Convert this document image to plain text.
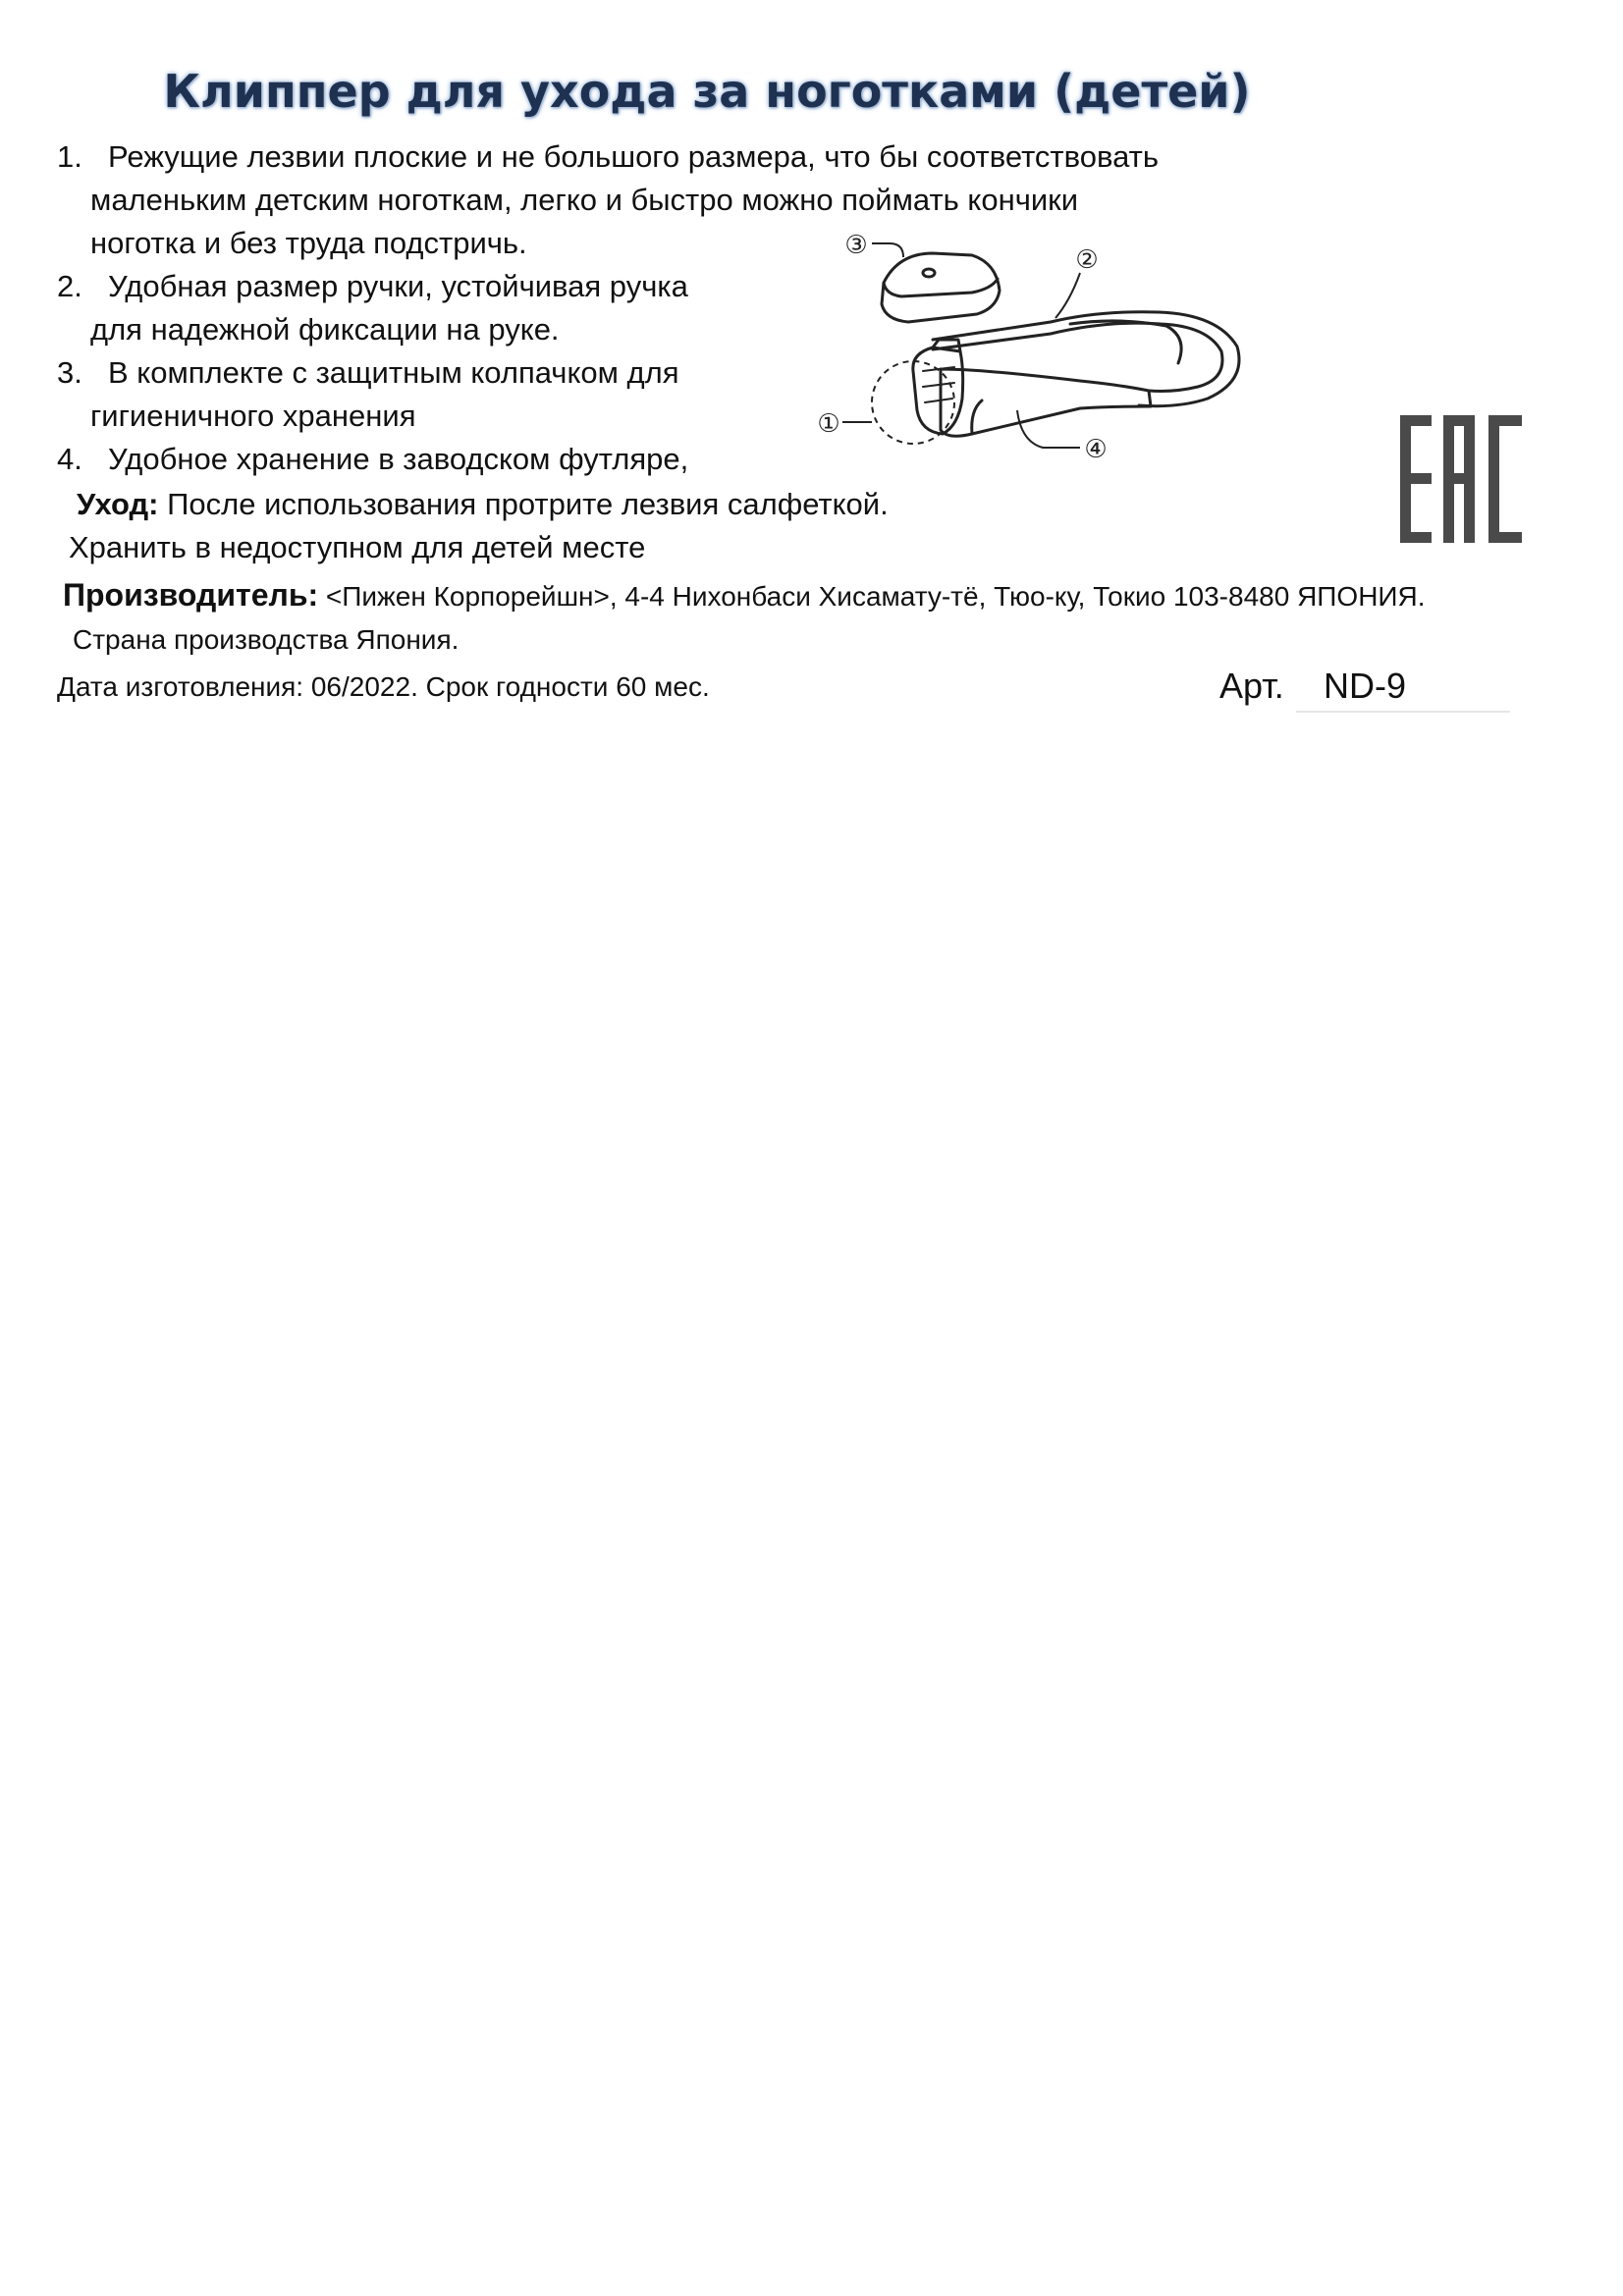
Клиппер для ухода за ноготками (детей)
1. Режущие лезвии плоские и не большого размера, что бы соответствовать
маленьким детским ноготкам, легко и быстро можно поймать кончики
ноготка и без труда подстричь.
2. Удобная размер ручки, устойчивая ручка
для надежной фиксации на руке.
3. В комплекте с защитным колпачком для
гигиеничного хранения
4. Удобное хранение в заводском футляре,
Уход: После использования протрите лезвия салфеткой.
Хранить в недоступном для детей месте
Производитель: <Пижен Корпорейшн>, 4-4 Нихонбаси Хисамату-тё, Тюо-ку, Токио 103-8480 ЯПОНИЯ.
Страна производства Япония.
Дата изготовления: 06/2022. Срок годности 60 мес.	Арт.	ND-9
③	②
①
④
